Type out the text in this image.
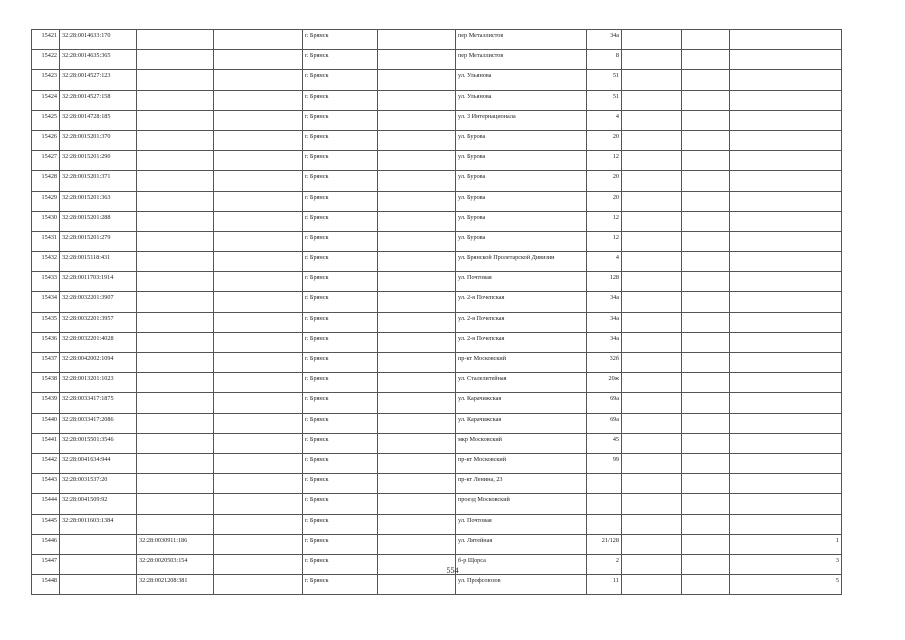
15421	32:28:0014633:170			г. Брянск		пер Металлистов	34а			
15422	32:28:0014635:365			г. Брянск		пер Металлистов	8			
15423	32:28:0014527:123			г. Брянск		ул. Ульянова	51			
15424	32:28:0014527:158			г. Брянск		ул. Ульянова	51			
15425	32:28:0014728:185			г. Брянск		ул. 3 Интернационала	4			
15426	32:28:0015201:370			г. Брянск		ул. Бурова	20			
15427	32:28:0015201:290			г. Брянск		ул. Бурова	12			
15428	32:28:0015201:371			г. Брянск		ул. Бурова	20			
15429	32:28:0015201:363			г. Брянск		ул. Бурова	20			
15430	32:28:0015201:288			г. Брянск		ул. Бурова	12			
15431	32:28:0015201:279			г. Брянск		ул. Бурова	12			
15432	32:28:0015118:431			г. Брянск		ул. Брянской Пролетарской Дивизии	4			
15433	32:28:0011703:1914			г. Брянск		ул. Почтовая	128			
15434	32:28:0032201:3907			г. Брянск		ул. 2-я Почепская	34а			
15435	32:28:0032201:3957			г. Брянск		ул. 2-я Почепская	34а			
15436	32:28:0032201:4028			г. Брянск		ул. 2-я Почепская	34а			
15437	32:28:0042002:1094			г. Брянск		пр-кт Московский	32б			
15438	32:28:0013201:1023			г. Брянск		ул. Сталелитейная	20ж			
15439	32:28:0033417:1875			г. Брянск		ул. Карачижская	69а			
15440	32:28:0033417:2086			г. Брянск		ул. Карачижская	69а			
15441	32:28:0015501:3546			г. Брянск		мкр Московский	45			
15442	32:28:0041634:944			г. Брянск		пр-кт Московский	99			
15443	32:28:0031537:20			г. Брянск		пр-кт Ленина, 23				
15444	32:28:0041509:92			г. Брянск		проезд Московский				
15445	32:28:0011603:1384			г. Брянск		ул. Почтовая				
15446		32:28:0030911:186		г. Брянск		ул. Литейная	21/128			1
15447		32:28:0020503:154		г. Брянск		б-р Щорса	2			3
15448		32:28:0021208:381		г. Брянск		ул. Профсоюзов	11			5
554
